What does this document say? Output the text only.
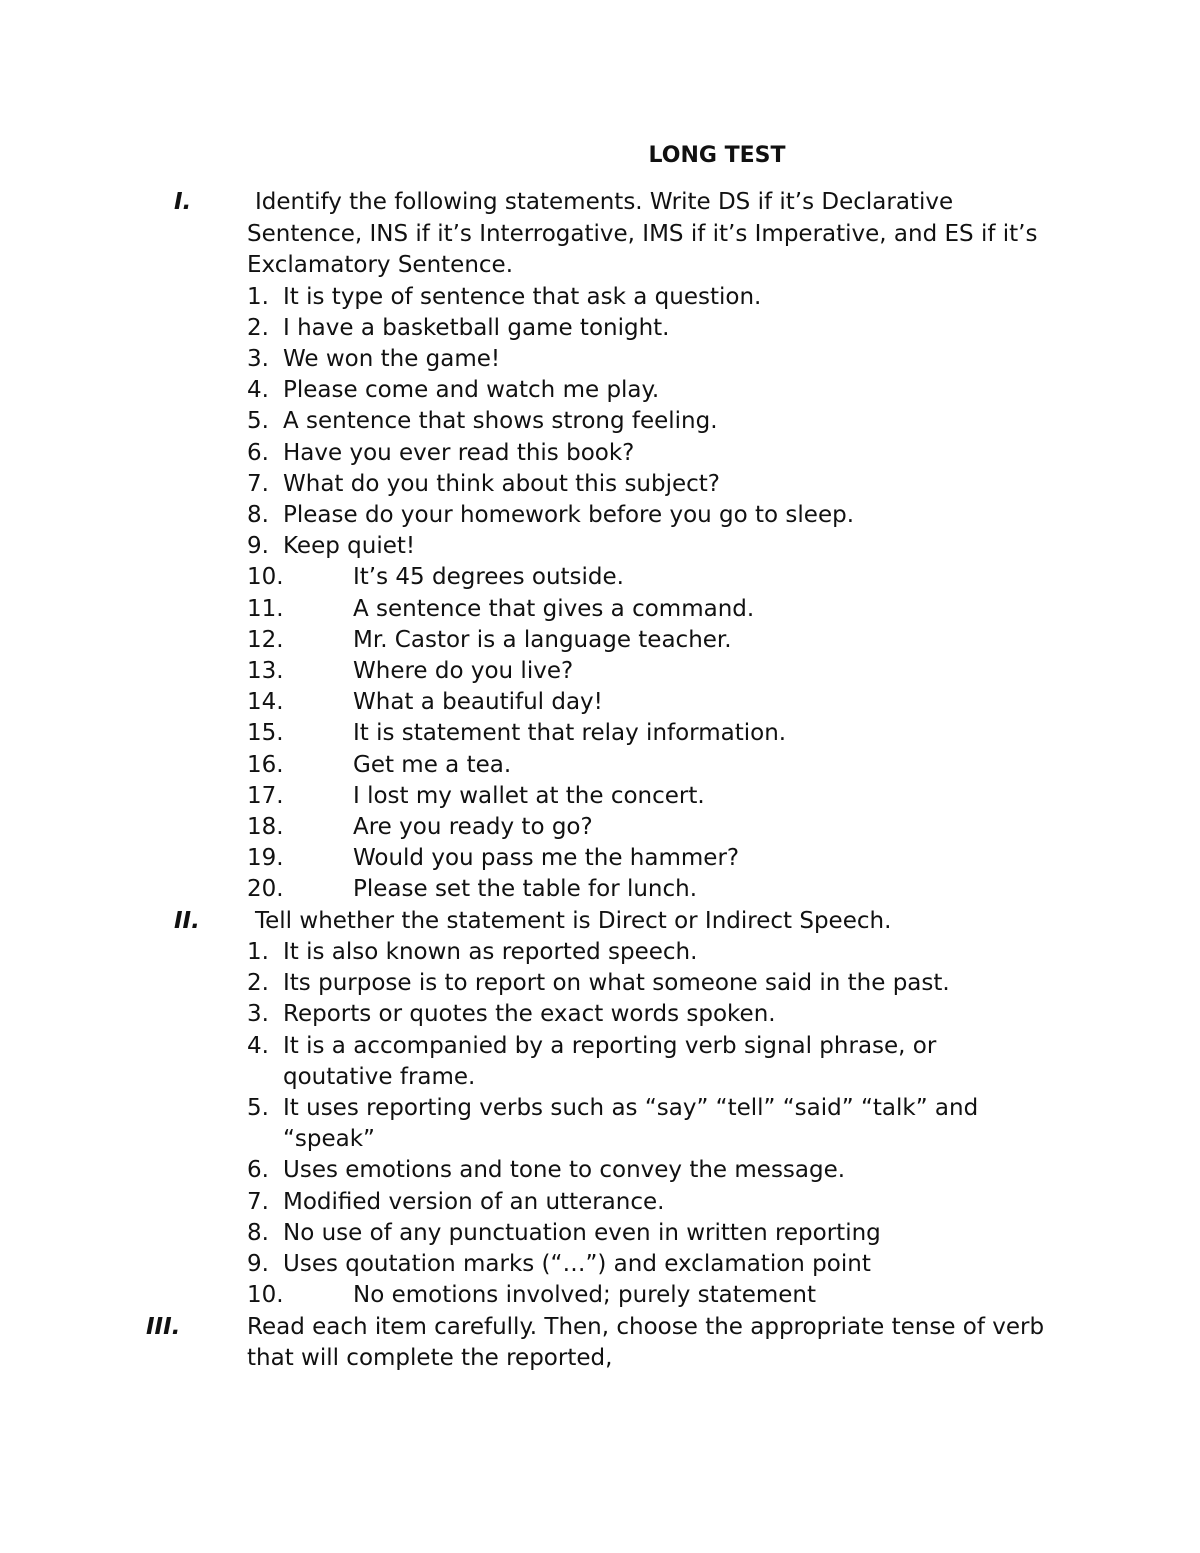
LONG TEST
I.	Identify the following statements. Write DS if it’s Declarative Sentence, INS if it’s Interrogative, IMS if it’s Imperative, and ES if it’s Exclamatory Sentence.
1. It is type of sentence that ask a question.
2. I have a basketball game tonight.
3. We won the game!
4. Please come and watch me play.
5. A sentence that shows strong feeling.
6. Have you ever read this book?
7. What do you think about this subject?
8. Please do your homework before you go to sleep.
9. Keep quiet!
10.	It’s 45 degrees outside.
11.	A sentence that gives a command.
12.	Mr. Castor is a language teacher.
13.	Where do you live?
14.	What a beautiful day!
15.	It is statement that relay information.
16.	Get me a tea.
17.	I lost my wallet at the concert.
18.	Are you ready to go?
19.	Would you pass me the hammer?
20.	Please set the table for lunch.
II.	Tell whether the statement is Direct or Indirect Speech.
1. It is also known as reported speech.
2. Its purpose is to report on what someone said in the past.
3. Reports or quotes the exact words spoken.
4. It is a accompanied by a reporting verb signal phrase, or qoutative frame.
5. It uses reporting verbs such as “say” “tell” “said” “talk” and “speak”
6. Uses emotions and tone to convey the message.
7. Modified version of an utterance.
8. No use of any punctuation even in written reporting
9. Uses qoutation marks (“…”) and exclamation point
10.	No emotions involved; purely statement
III.	Read each item carefully. Then, choose the appropriate tense of verb that will complete the reported,
